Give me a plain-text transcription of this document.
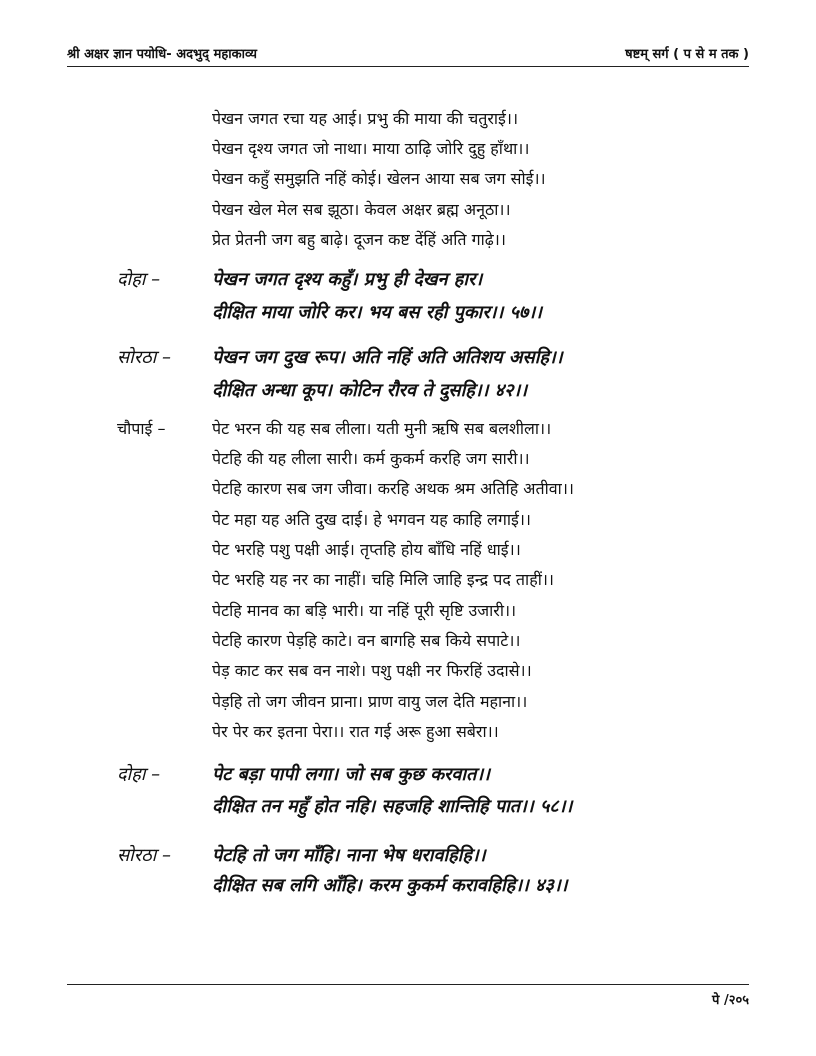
श्री अक्षर ज्ञान पयोधि- अदभुद् महाकाव्य	षष्टम् सर्ग ( प से म तक )
पेखन जगत रचा यह आई। प्रभु की माया की चतुराई।।
पेखन दृश्य जगत जो नाथा। माया ठाढ़ि जोरि दुहु हाँथा।।
पेखन कहुँ समुझति नहिं कोई। खेलन आया सब जग सोई।।
पेखन खेल मेल सब झूठा। केवल अक्षर ब्रह्म अनूठा।।
प्रेत प्रेतनी जग बहु बाढ़े। दूजन कष्ट देंहिं अति गाढ़े।।
दोहा –	पेखन जगत दृश्य कहुँ। प्रभु ही देखन हार।
दीक्षित माया जोरि कर। भय बस रही पुकार।। ५७।।
सोरठा – पेखन जग दुख रूप। अति नहिं अति अतिशय असहि।।
दीक्षित अन्धा कूप। कोटिन रौरव ते दुसहि।। ४२।।
चौपाई –	पेट भरन की यह सब लीला। यती मुनी ऋषि सब बलशीला।।
पेटहि की यह लीला सारी। कर्म कुकर्म करहि जग सारी।।
पेटहि कारण सब जग जीवा। करहि अथक श्रम अतिहि अतीवा।।
पेट महा यह अति दुख दाई। हे भगवन यह काहि लगाई।।
पेट भरहि पशु पक्षी आई। तृप्तहि होय बाँधि नहिं धाई।।
पेट भरहि यह नर का नाहीं। चहि मिलि जाहि इन्द्र पद ताहीं।।
पेटहि मानव का बड़ि भारी। या नहिं पूरी सृष्टि उजारी।।
पेटहि कारण पेड़हि काटे। वन बागहि सब किये सपाटे।।
पेड़ काट कर सब वन नाशे। पशु पक्षी नर फिरहिं उदासे।।
पेड़हि तो जग जीवन प्राना। प्राण वायु जल देति महाना।।
पेर पेर कर इतना पेरा।। रात गई अरू हुआ सबेरा।।
दोहा –	पेट बड़ा पापी लगा। जो सब कुछ करवात।।
दीक्षित तन महुँ होत नहि। सहजहि शान्तिहि पात।। ५८।।
सोरठा – पेटहि तो जग माँहि। नाना भेष धरावहिहि।।
दीक्षित सब लगि आँहि। करम कुकर्म करावहिहि।। ४३।।
पे /२०५
